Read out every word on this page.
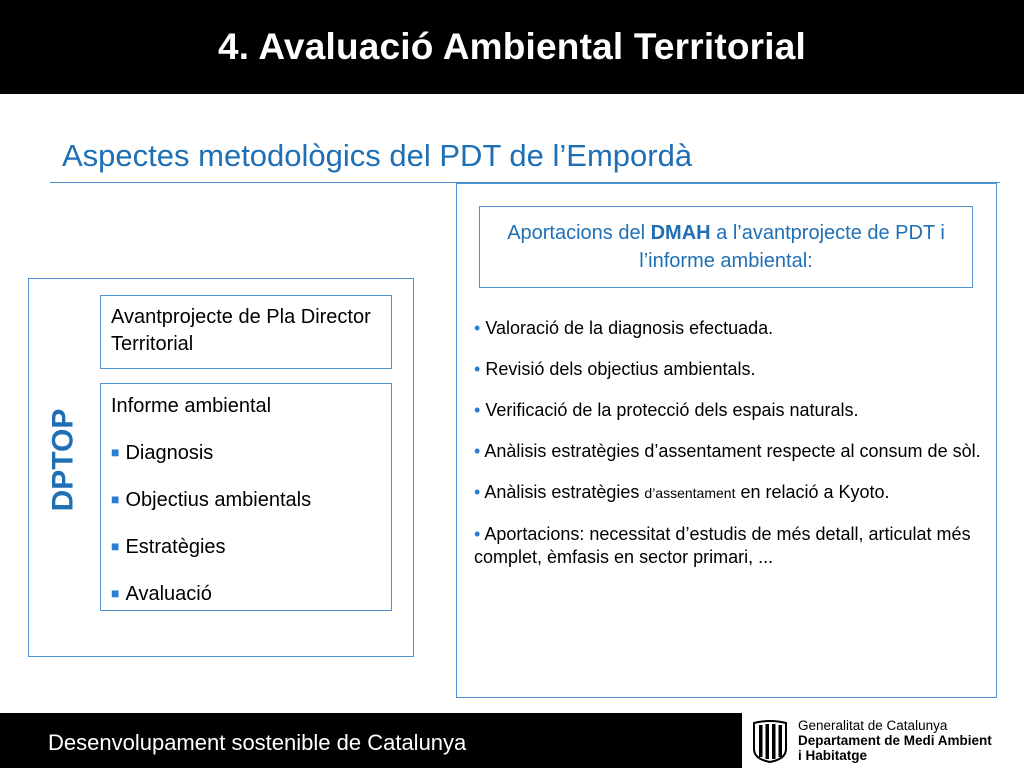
4. Avaluació Ambiental Territorial
Aspectes metodològics del PDT de l’Empordà
DPTOP
Avantprojecte de Pla Director Territorial
Informe ambiental
■ Diagnosis
■ Objectius ambientals
■ Estratègies
■ Avaluació
Aportacions del DMAH a l’avantprojecte de PDT i l’informe ambiental:

• Valoració de la diagnosis efectuada.

• Revisió dels objectius ambientals.

• Verificació de la protecció dels espais naturals.

• Anàlisis estratègies d’assentament respecte al consum de sòl.

• Anàlisis estratègies d’assentament en relació a Kyoto.

• Aportacions: necessitat d’estudis de més detall, articulat més complet, èmfasis en sector primari, ...

Desenvolupament sostenible de Catalunya
Generalitat de Catalunya
Departament de Medi Ambient
i Habitatge
